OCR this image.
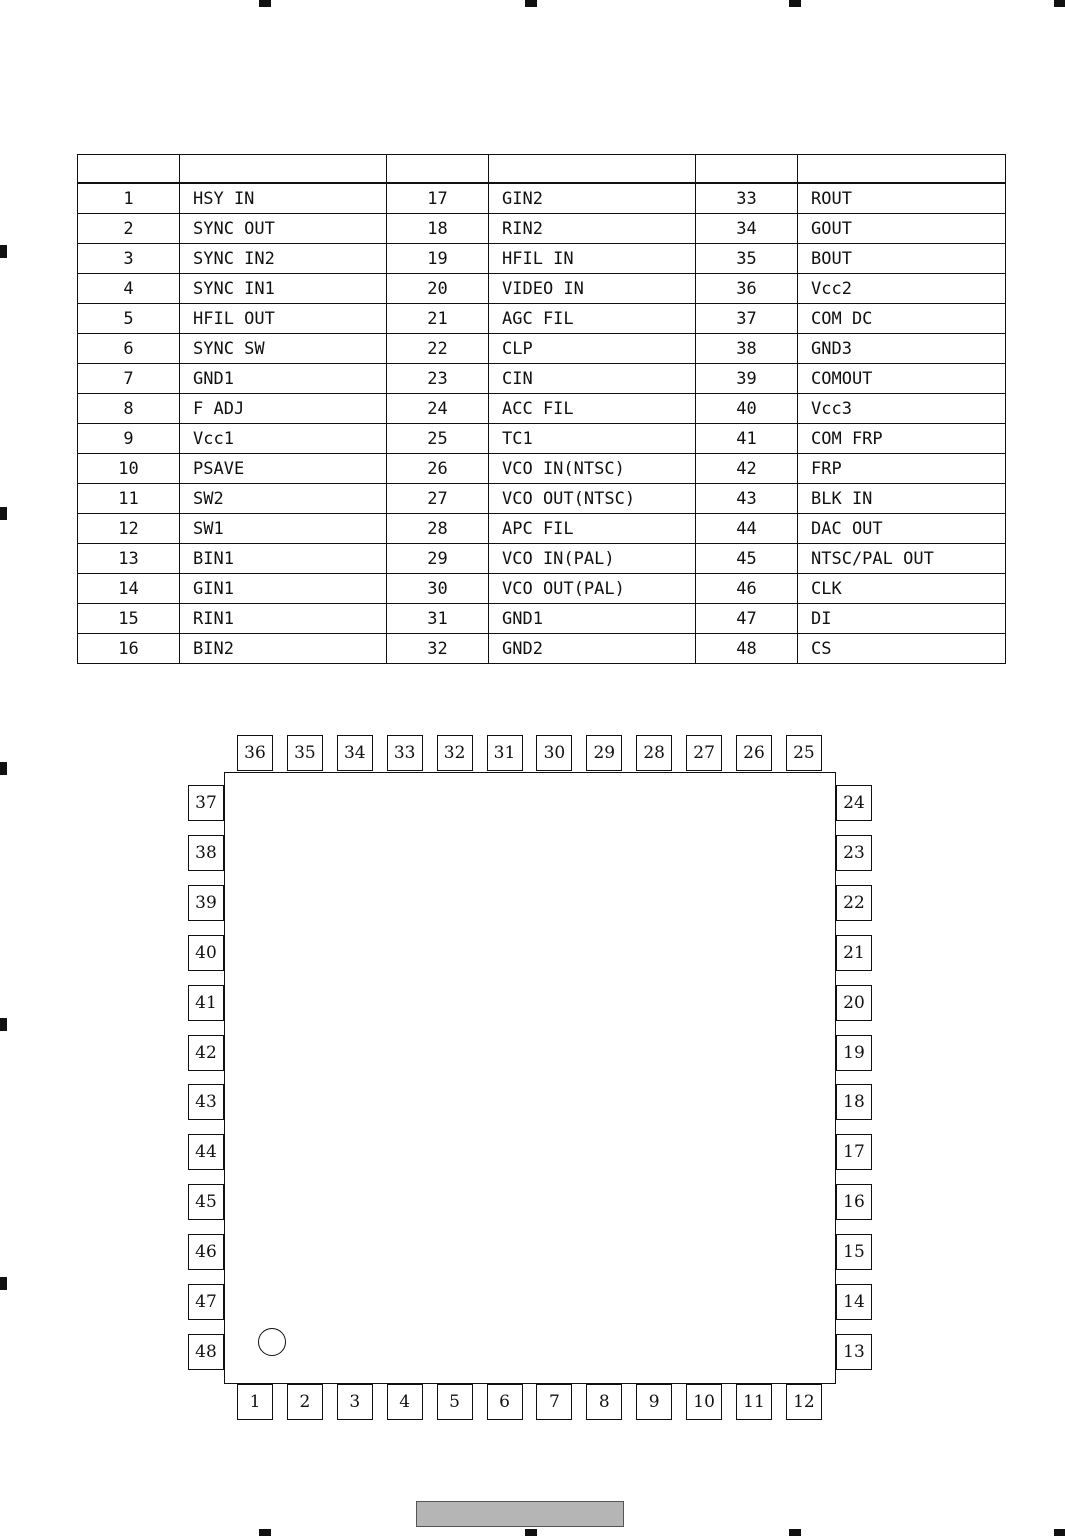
1	HSY IN	17	GIN2	33	ROUT
2	SYNC OUT	18	RIN2	34	GOUT
3	SYNC IN2	19	HFIL IN	35	BOUT
4	SYNC IN1	20	VIDEO IN	36	Vcc2
5	HFIL OUT	21	AGC FIL	37	COM DC
6	SYNC SW	22	CLP	38	GND3
7	GND1	23	CIN	39	COMOUT
8	F ADJ	24	ACC FIL	40	Vcc3
9	Vcc1	25	TC1	41	COM FRP
10	PSAVE	26	VCO IN(NTSC)	42	FRP
11	SW2	27	VCO OUT(NTSC)	43	BLK IN
12	SW1	28	APC FIL	44	DAC OUT
13	BIN1	29	VCO IN(PAL)	45	NTSC/PAL OUT
14	GIN1	30	VCO OUT(PAL)	46	CLK
15	RIN1	31	GND1	47	DI
16	BIN2	32	GND2	48	CS
36	35	34	33	32	31	30	29	28	27	26	25
1	2	3	4	5	6	7	8	9	10	11	12
37
38
39
40
41
42
43
44
45
46
47
48
24
23
22
21
20
19
18
17
16
15
14
13
